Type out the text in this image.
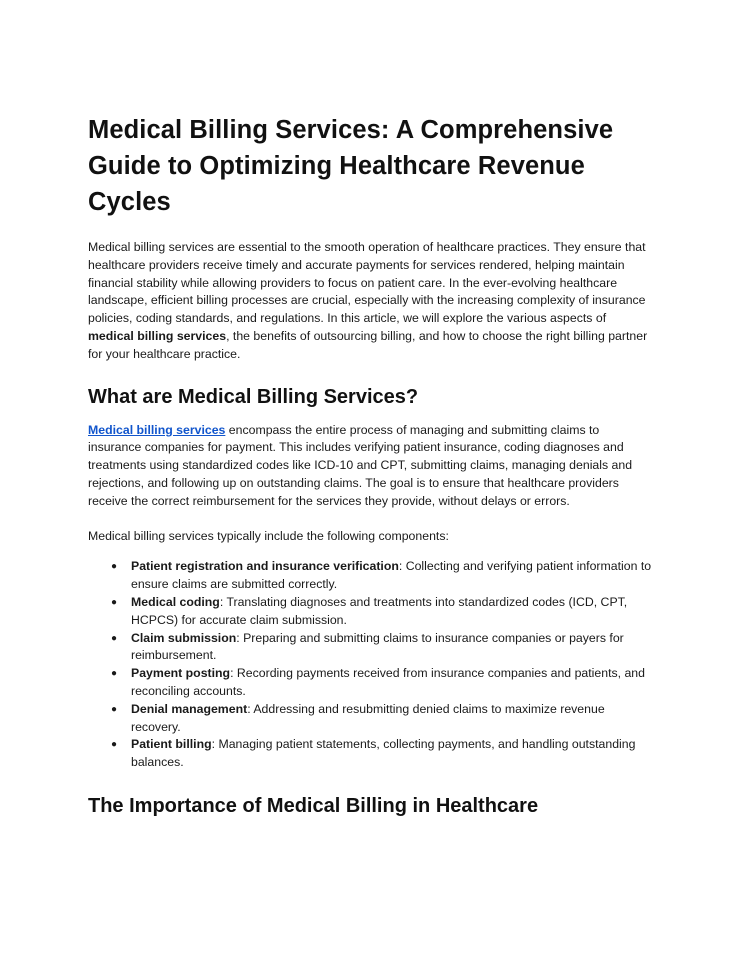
Medical Billing Services: A Comprehensive Guide to Optimizing Healthcare Revenue Cycles

Medical billing services are essential to the smooth operation of healthcare practices. They ensure that healthcare providers receive timely and accurate payments for services rendered, helping maintain financial stability while allowing providers to focus on patient care. In the ever-evolving healthcare landscape, efficient billing processes are crucial, especially with the increasing complexity of insurance policies, coding standards, and regulations. In this article, we will explore the various aspects of medical billing services, the benefits of outsourcing billing, and how to choose the right billing partner for your healthcare practice.

What are Medical Billing Services?

Medical billing services encompass the entire process of managing and submitting claims to insurance companies for payment. This includes verifying patient insurance, coding diagnoses and treatments using standardized codes like ICD-10 and CPT, submitting claims, managing denials and rejections, and following up on outstanding claims. The goal is to ensure that healthcare providers receive the correct reimbursement for the services they provide, without delays or errors.

Medical billing services typically include the following components:

● Patient registration and insurance verification: Collecting and verifying patient information to ensure claims are submitted correctly.
● Medical coding: Translating diagnoses and treatments into standardized codes (ICD, CPT, HCPCS) for accurate claim submission.
● Claim submission: Preparing and submitting claims to insurance companies or payers for reimbursement.
● Payment posting: Recording payments received from insurance companies and patients, and reconciling accounts.
● Denial management: Addressing and resubmitting denied claims to maximize revenue recovery.
● Patient billing: Managing patient statements, collecting payments, and handling outstanding balances.
The Importance of Medical Billing in Healthcare
